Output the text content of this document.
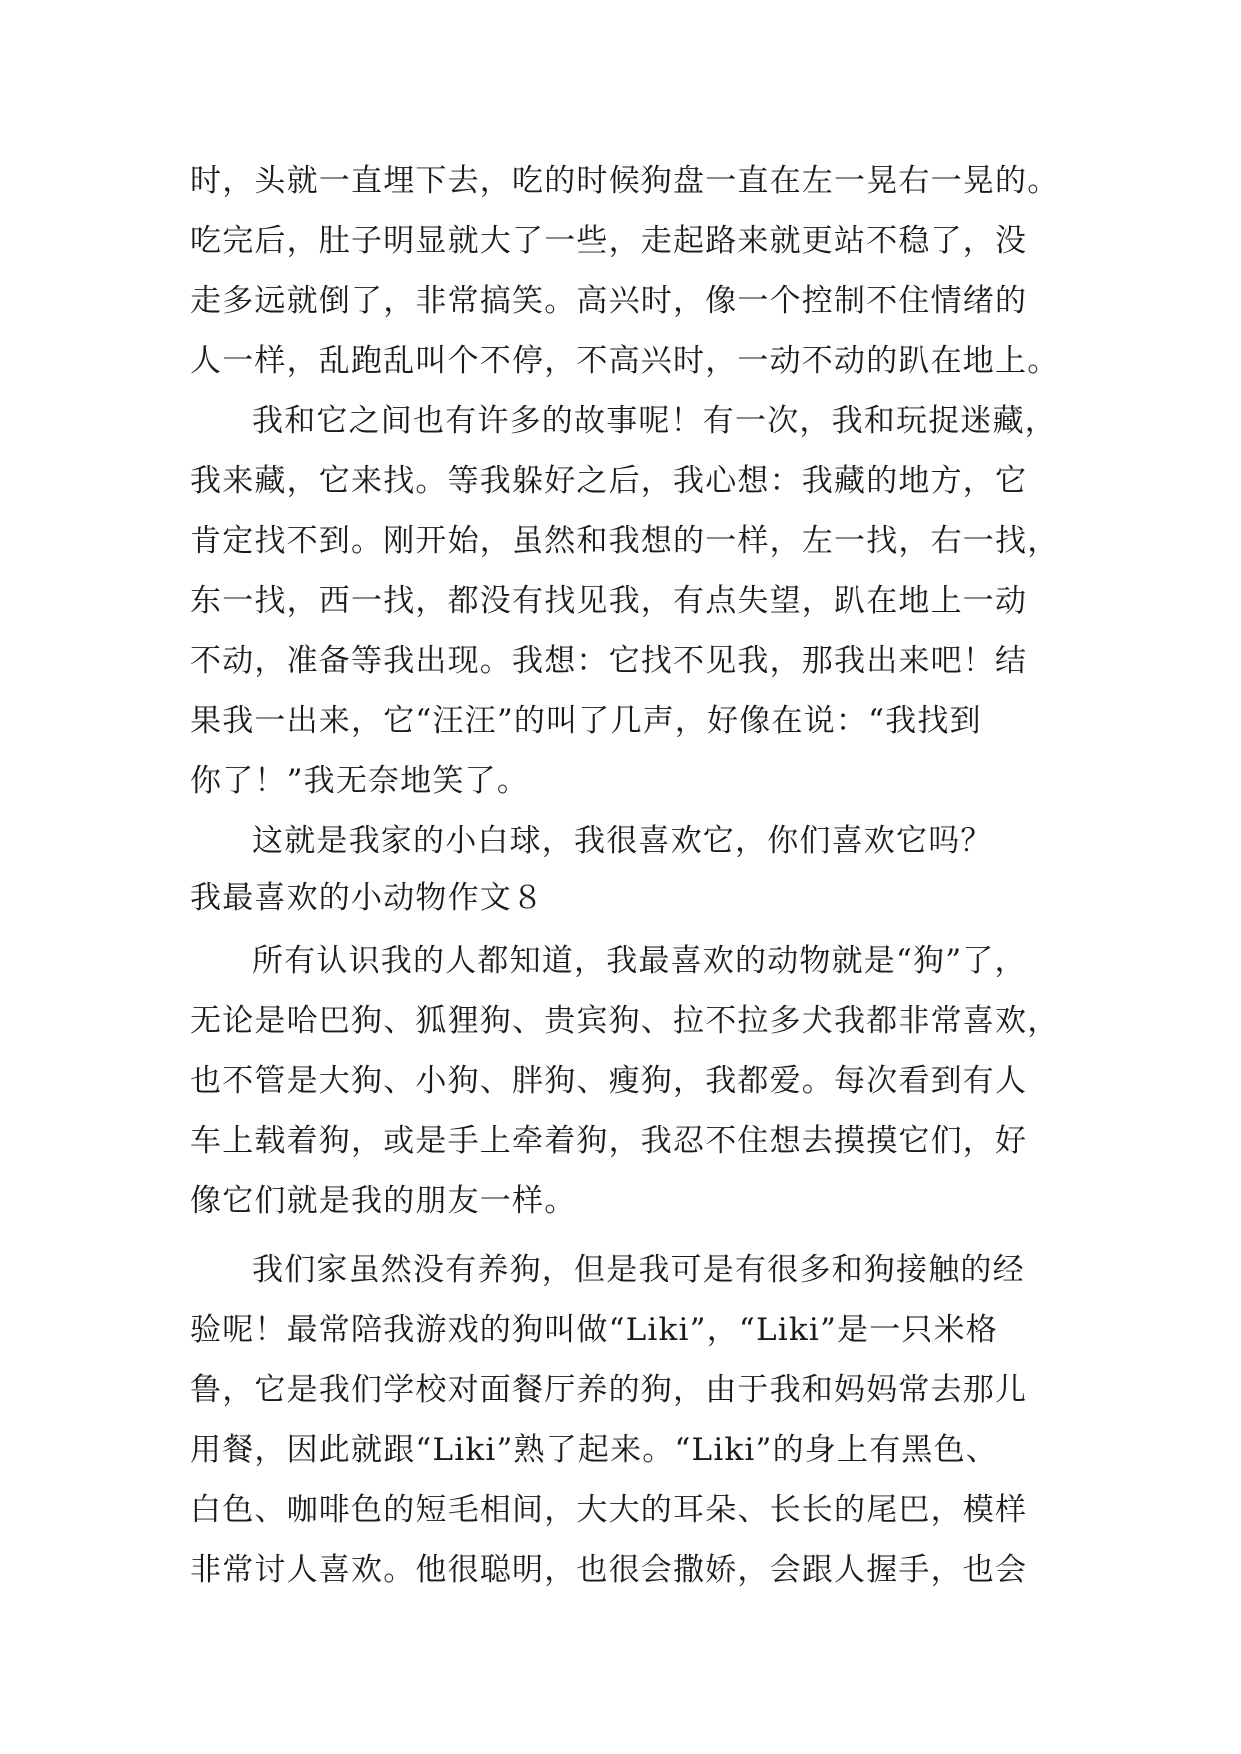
时，头就一直埋下去，吃的时候狗盘一直在左一晃右一晃的。
吃完后，肚子明显就大了一些，走起路来就更站不稳了，没
走多远就倒了，非常搞笑。高兴时，像一个控制不住情绪的
人一样，乱跑乱叫个不停，不高兴时，一动不动的趴在地上。
我和它之间也有许多的故事呢！有一次，我和玩捉迷藏，
我来藏，它来找。等我躲好之后，我心想：我藏的地方，它
肯定找不到。刚开始，虽然和我想的一样，左一找，右一找，
东一找，西一找，都没有找见我，有点失望，趴在地上一动
不动，准备等我出现。我想：它找不见我，那我出来吧！结
果我一出来，它“汪汪”的叫了几声，好像在说：“我找到
你了！”我无奈地笑了。
这就是我家的小白球，我很喜欢它，你们喜欢它吗？
我最喜欢的小动物作文８
所有认识我的人都知道，我最喜欢的动物就是“狗”了，
无论是哈巴狗、狐狸狗、贵宾狗、拉不拉多犬我都非常喜欢，
也不管是大狗、小狗、胖狗、瘦狗，我都爱。每次看到有人
车上载着狗，或是手上牵着狗，我忍不住想去摸摸它们，好
像它们就是我的朋友一样。
我们家虽然没有养狗，但是我可是有很多和狗接触的经
验呢！最常陪我游戏的狗叫做“Liki”，“Liki”是一只米格
鲁，它是我们学校对面餐厅养的狗，由于我和妈妈常去那儿
用餐，因此就跟“Liki”熟了起来。“Liki”的身上有黑色、
白色、咖啡色的短毛相间，大大的耳朵、长长的尾巴，模样
非常讨人喜欢。他很聪明，也很会撒娇，会跟人握手，也会
